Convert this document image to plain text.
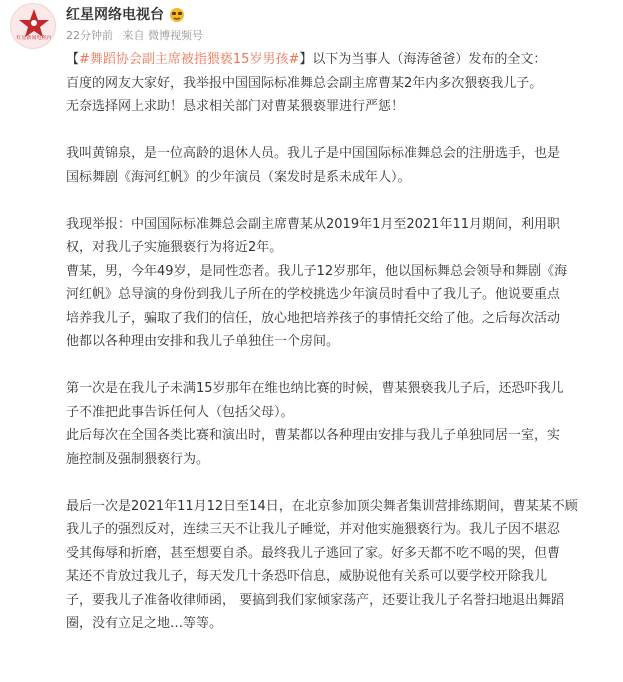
红星新闻电视台
红星网络电视台
22分钟前 来自 微博视频号

【#舞蹈协会副主席被指猥亵15岁男孩#】以下为当事人（海涛爸爸）发布的全文：

百度的网友大家好，我举报中国国际标准舞总会副主席曹某2年内多次猥亵我儿子。
无奈选择网上求助！恳求相关部门对曹某猥亵罪进行严惩！

我叫黄锦泉，是一位高龄的退休人员。我儿子是中国国际标准舞总会的注册选手，也是
国标舞剧《海河红帆》的少年演员（案发时是系未成年人）。

我现举报：中国国际标准舞总会副主席曹某从2019年1月至2021年11月期间，利用职
权，对我儿子实施猥亵行为将近2年。
曹某，男，今年49岁，是同性恋者。我儿子12岁那年，他以国标舞总会领导和舞剧《海
河红帆》总导演的身份到我儿子所在的学校挑选少年演员时看中了我儿子。他说要重点
培养我儿子，骗取了我们的信任，放心地把培养孩子的事情托交给了他。之后每次活动
他都以各种理由安排和我儿子单独住一个房间。

第一次是在我儿子未满15岁那年在维也纳比赛的时候，曹某猥亵我儿子后，还恐吓我儿
子不准把此事告诉任何人（包括父母）。
此后每次在全国各类比赛和演出时，曹某都以各种理由安排与我儿子单独同居一室，实
施控制及强制猥亵行为。

最后一次是2021年11月12日至14日，在北京参加顶尖舞者集训营排练期间，曹某某不顾
我儿子的强烈反对，连续三天不让我儿子睡觉，并对他实施猥亵行为。我儿子因不堪忍
受其侮辱和折磨，甚至想要自杀。最终我儿子逃回了家。好多天都不吃不喝的哭，但曹
某还不肯放过我儿子，每天发几十条恐吓信息，威胁说他有关系可以要学校开除我儿
子，要我儿子准备收律师函， 要搞到我们家倾家荡产，还要让我儿子名誉扫地退出舞蹈
圈，没有立足之地…等等。
